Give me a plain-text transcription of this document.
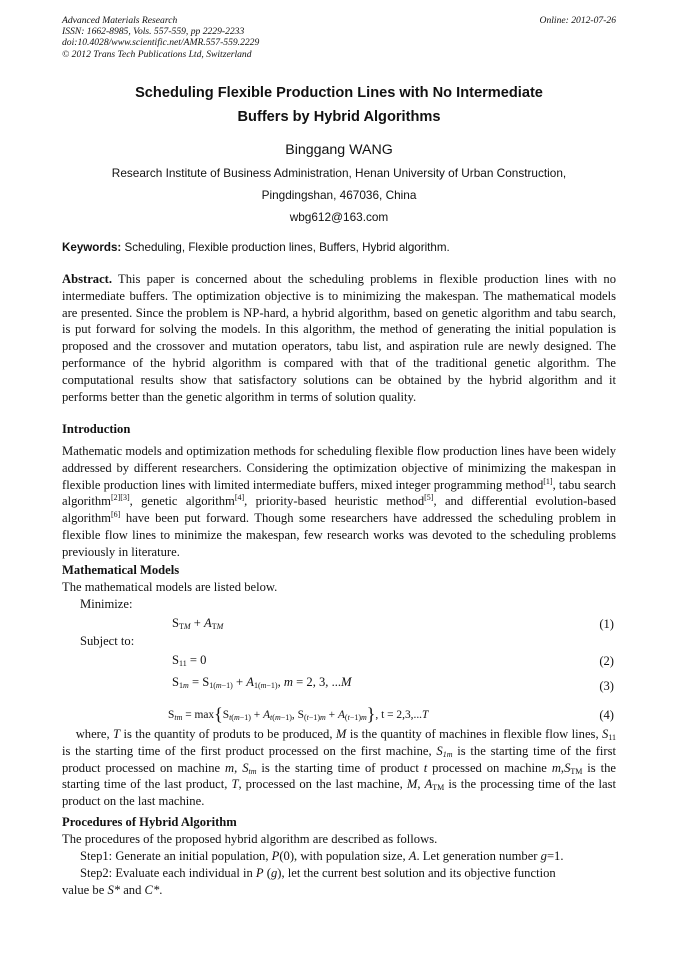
Advanced Materials Research
ISSN: 1662-8985, Vols. 557-559, pp 2229-2233
doi:10.4028/www.scientific.net/AMR.557-559.2229
© 2012 Trans Tech Publications Ltd, Switzerland
Online: 2012-07-26
Scheduling Flexible Production Lines with No Intermediate
Buffers by Hybrid Algorithms
Binggang WANG
Research Institute of Business Administration, Henan University of Urban Construction,
Pingdingshan, 467036, China
wbg612@163.com
Keywords: Scheduling, Flexible production lines, Buffers, Hybrid algorithm.

Abstract. This paper is concerned about the scheduling problems in flexible production lines with no intermediate buffers. The optimization objective is to minimizing the makespan. The mathematical models are presented. Since the problem is NP-hard, a hybrid algorithm, based on genetic algorithm and tabu search, is put forward for solving the models. In this algorithm, the method of generating the initial population is proposed and the crossover and mutation operators, tabu list, and aspiration rule are newly designed. The performance of the hybrid algorithm is compared with that of the traditional genetic algorithm. The computational results show that satisfactory solutions can be obtained by the hybrid algorithm and it performs better than the genetic algorithm in terms of solution quality.

Introduction

Mathematic models and optimization methods for scheduling flexible flow production lines have been widely addressed by different researchers. Considering the optimization objective of minimizing the makespan in flexible production lines with limited intermediate buffers, mixed integer programming method[1], tabu search algorithm[2][3], genetic algorithm[4], priority-based heuristic method[5], and differential evolution-based algorithm[6] have been put forward. Though some researchers have addressed the scheduling problem in flexible flow lines to minimize the makespan, few research works was devoted to the scheduling problems previously in literature.

Mathematical Models
The mathematical models are listed below.
Minimize:
$S_{TM} + A_{TM}$	(1)
Subject to:
$S_{11} = 0$	(2)
$S_{1m} = S_{1(m-1)} + A_{1(m-1)}$, m = 2, 3, ...M	(3)
$S_{tm} = \max\{S_{t(m-1)} + A_{t(m-1)}$, $S_{(t-1)m} + A_{(t-1)m}$}, t = 2,3,...T	(4)

where, T is the quantity of produts to be produced, M is the quantity of machines in flexible flow lines, $S_{11}$ is the starting time of the first product processed on the first machine, $S_{1m}$ is the starting time of the first product processed on machine m, $S_{tm}$ is the starting time of product t processed on machine $m,S_{TM}$ is the starting time of the last product, T, processed on the last machine, M, $A_{TM}$ is the processing time of the last product on the last machine.

Procedures of Hybrid Algorithm
The procedures of the proposed hybrid algorithm are described as follows.
Step1: Generate an initial population, P(0), with population size, A. Let generation number g=1.
Step2: Evaluate each individual in P (g), let the current best solution and its objective function
value be S* and C*.
